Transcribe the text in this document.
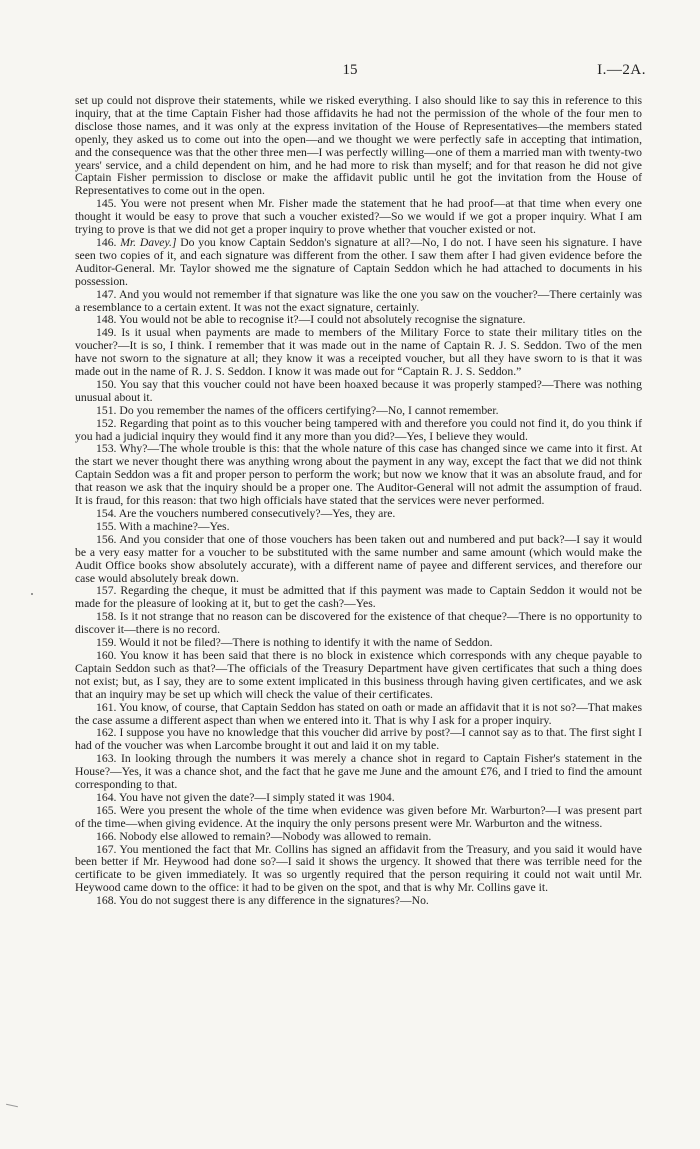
15	I.—2A.

set up could not disprove their statements, while we risked everything. I also should like to say this in reference to this inquiry, that at the time Captain Fisher had those affidavits he had not the permission of the whole of the four men to disclose those names, and it was only at the express invitation of the House of Representatives—the members stated openly, they asked us to come out into the open—and we thought we were perfectly safe in accepting that intimation, and the consequence was that the other three men—I was perfectly willing—one of them a married man with twenty-two years' service, and a child dependent on him, and he had more to risk than myself; and for that reason he did not give Captain Fisher permission to disclose or make the affidavit public until he got the invitation from the House of Representatives to come out in the open.

145. You were not present when Mr. Fisher made the statement that he had proof—at that time when every one thought it would be easy to prove that such a voucher existed?—So we would if we got a proper inquiry. What I am trying to prove is that we did not get a proper inquiry to prove whether that voucher existed or not.

146. Mr. Davey.] Do you know Captain Seddon's signature at all?—No, I do not. I have seen his signature. I have seen two copies of it, and each signature was different from the other. I saw them after I had given evidence before the Auditor-General. Mr. Taylor showed me the signature of Captain Seddon which he had attached to documents in his possession.

147. And you would not remember if that signature was like the one you saw on the voucher?—There certainly was a resemblance to a certain extent. It was not the exact signature, certainly.

148. You would not be able to recognise it?—I could not absolutely recognise the signature.

149. Is it usual when payments are made to members of the Military Force to state their military titles on the voucher?—It is so, I think. I remember that it was made out in the name of Captain R. J. S. Seddon. Two of the men have not sworn to the signature at all; they know it was a receipted voucher, but all they have sworn to is that it was made out in the name of R. J. S. Seddon. I know it was made out for “Captain R. J. S. Seddon.”

150. You say that this voucher could not have been hoaxed because it was properly stamped?—There was nothing unusual about it.

151. Do you remember the names of the officers certifying?—No, I cannot remember.

152. Regarding that point as to this voucher being tampered with and therefore you could not find it, do you think if you had a judicial inquiry they would find it any more than you did?—Yes, I believe they would.

153. Why?—The whole trouble is this: that the whole nature of this case has changed since we came into it first. At the start we never thought there was anything wrong about the payment in any way, except the fact that we did not think Captain Seddon was a fit and proper person to perform the work; but now we know that it was an absolute fraud, and for that reason we ask that the inquiry should be a proper one. The Auditor-General will not admit the assumption of fraud. It is fraud, for this reason: that two high officials have stated that the services were never performed.

154. Are the vouchers numbered consecutively?—Yes, they are.

155. With a machine?—Yes.

156. And you consider that one of those vouchers has been taken out and numbered and put back?—I say it would be a very easy matter for a voucher to be substituted with the same number and same amount (which would make the Audit Office books show absolutely accurate), with a different name of payee and different services, and therefore our case would absolutely break down.

157. Regarding the cheque, it must be admitted that if this payment was made to Captain Seddon it would not be made for the pleasure of looking at it, but to get the cash?—Yes.

158. Is it not strange that no reason can be discovered for the existence of that cheque?—There is no opportunity to discover it—there is no record.

159. Would it not be filed?—There is nothing to identify it with the name of Seddon.

160. You know it has been said that there is no block in existence which corresponds with any cheque payable to Captain Seddon such as that?—The officials of the Treasury Department have given certificates that such a thing does not exist; but, as I say, they are to some extent implicated in this business through having given certificates, and we ask that an inquiry may be set up which will check the value of their certificates.

161. You know, of course, that Captain Seddon has stated on oath or made an affidavit that it is not so?—That makes the case assume a different aspect than when we entered into it. That is why I ask for a proper inquiry.

162. I suppose you have no knowledge that this voucher did arrive by post?—I cannot say as to that. The first sight I had of the voucher was when Larcombe brought it out and laid it on my table.

163. In looking through the numbers it was merely a chance shot in regard to Captain Fisher's statement in the House?—Yes, it was a chance shot, and the fact that he gave me June and the amount £76, and I tried to find the amount corresponding to that.

164. You have not given the date?—I simply stated it was 1904.

165. Were you present the whole of the time when evidence was given before Mr. Warburton?—I was present part of the time—when giving evidence. At the inquiry the only persons present were Mr. Warburton and the witness.

166. Nobody else allowed to remain?—Nobody was allowed to remain.

167. You mentioned the fact that Mr. Collins has signed an affidavit from the Treasury, and you said it would have been better if Mr. Heywood had done so?—I said it shows the urgency. It showed that there was terrible need for the certificate to be given immediately. It was so urgently required that the person requiring it could not wait until Mr. Heywood came down to the office: it had to be given on the spot, and that is why Mr. Collins gave it.

168. You do not suggest there is any difference in the signatures?—No.
